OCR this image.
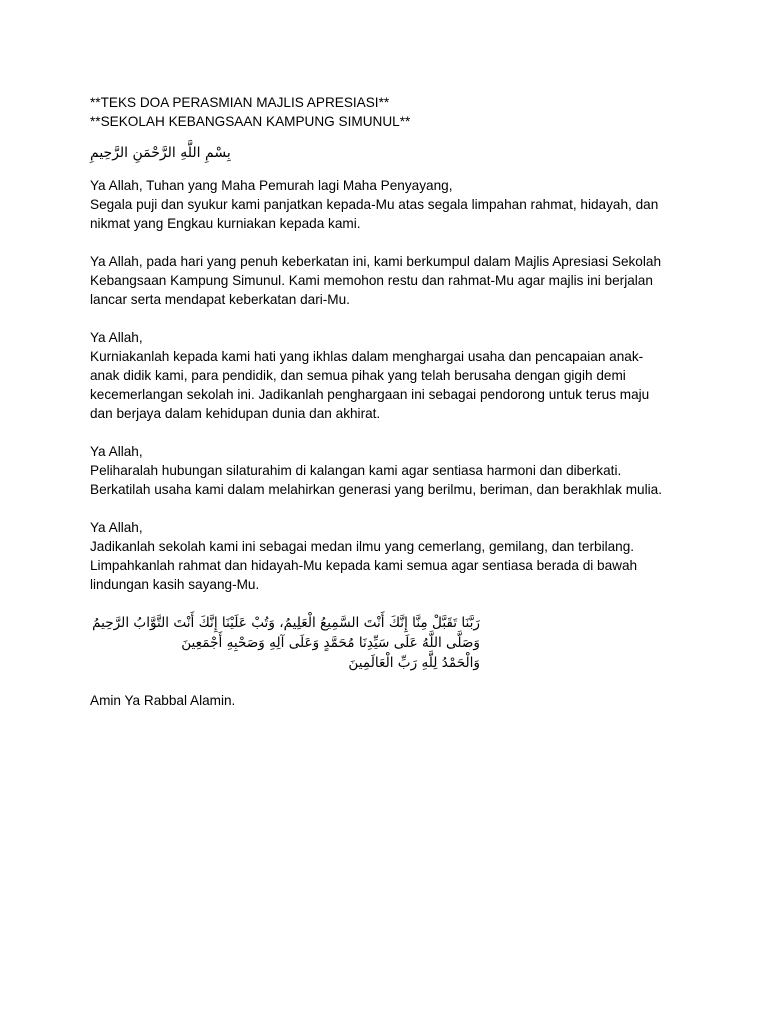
**TEKS DOA PERASMIAN MAJLIS APRESIASI**
**SEKOLAH KEBANGSAAN KAMPUNG SIMUNUL**
بِسْمِ اللَّهِ الرَّحْمَنِ الرَّحِيمِ
Ya Allah, Tuhan yang Maha Pemurah lagi Maha Penyayang,
Segala puji dan syukur kami panjatkan kepada-Mu atas segala limpahan rahmat, hidayah, dan
nikmat yang Engkau kurniakan kepada kami.
Ya Allah, pada hari yang penuh keberkatan ini, kami berkumpul dalam Majlis Apresiasi Sekolah
Kebangsaan Kampung Simunul. Kami memohon restu dan rahmat-Mu agar majlis ini berjalan
lancar serta mendapat keberkatan dari-Mu.
Ya Allah,
Kurniakanlah kepada kami hati yang ikhlas dalam menghargai usaha dan pencapaian anak-
anak didik kami, para pendidik, dan semua pihak yang telah berusaha dengan gigih demi
kecemerlangan sekolah ini. Jadikanlah penghargaan ini sebagai pendorong untuk terus maju
dan berjaya dalam kehidupan dunia dan akhirat.
Ya Allah,
Peliharalah hubungan silaturahim di kalangan kami agar sentiasa harmoni dan diberkati.
Berkatilah usaha kami dalam melahirkan generasi yang berilmu, beriman, dan berakhlak mulia.
Ya Allah,
Jadikanlah sekolah kami ini sebagai medan ilmu yang cemerlang, gemilang, dan terbilang.
Limpahkanlah rahmat dan hidayah-Mu kepada kami semua agar sentiasa berada di bawah
lindungan kasih sayang-Mu.
رَبَّنَا تَقَبَّلْ مِنَّا إِنَّكَ أَنْتَ السَّمِيعُ الْعَلِيمُ، وَتُبْ عَلَيْنَا إِنَّكَ أَنْتَ التَّوَّابُ الرَّحِيمُ
وَصَلَّى اللَّهُ عَلَى سَيِّدِنَا مُحَمَّدٍ وَعَلَى آلِهِ وَصَحْبِهِ أَجْمَعِينَ
وَالْحَمْدُ لِلَّهِ رَبِّ الْعَالَمِينَ
Amin Ya Rabbal Alamin.
